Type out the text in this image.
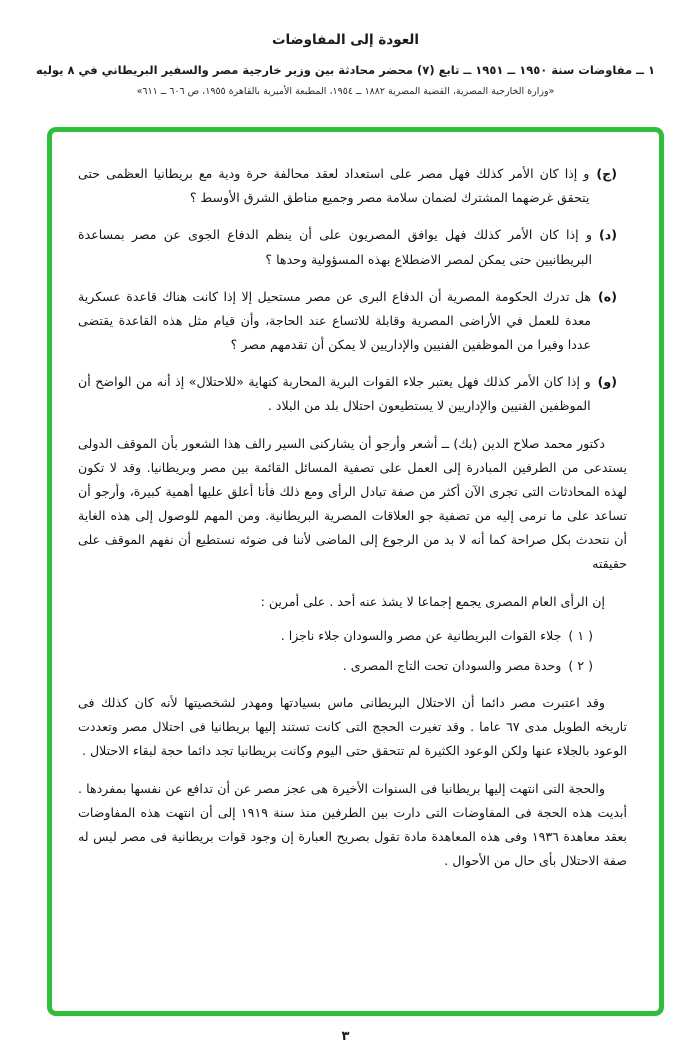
العودة إلى المفاوضات
١ ــ مفاوضات سنة ١٩٥٠ ــ ١٩٥١ ــ تابع (٧) محضر محادثة بين وزير خارجية مصر والسفير البريطاني في ٨ يوليه
«وزارة الخارجية المصرية، القضية المصرية ١٨٨٢ ــ ١٩٥٤، المطبعة الأميرية بالقاهرة ١٩٥٥، ص ٦٠٦ ــ ٦١١»
(ج)
و إذا كان الأمر كذلك فهل مصر على استعداد لعقد محالفة حرة ودية مع بريطانيا العظمى حتى يتحقق غرضهما المشترك لضمان سلامة مصر وجميع مناطق الشرق الأوسط ؟
(د)
و إذا كان الأمر كذلك فهل يوافق المصريون على أن ينظم الدفاع الجوى عن مصر بمساعدة البريطانيين حتى يمكن لمصر الاضطلاع بهذه المسؤولية وحدها ؟
(ه)
هل تدرك الحكومة المصرية أن الدفاع البرى عن مصر مستحيل إلا إذا كانت هناك قاعدة عسكرية معدة للعمل في الأراضى المصرية وقابلة للاتساع عند الحاجة، وأن قيام مثل هذه القاعدة يقتضى عددا وفيرا من الموظفين الفنيين والإداريين لا يمكن أن تقدمهم مصر ؟
(و)
و إذا كان الأمر كذلك فهل يعتبر جلاء القوات البرية المحاربة كنهاية «للاحتلال» إذ أنه من الواضح أن الموظفين الفنيين والإداريين لا يستطيعون احتلال بلد من البلاد .
دكتور محمد صلاح الدين (بك) ــ أشعر وأرجو أن يشاركنى السير رالف هذا الشعور بأن الموقف الدولى يستدعى من الطرفين المبادرة إلى العمل على تصفية المسائل القائمة بين مصر وبريطانيا. وقد لا تكون لهذه المحادثات التى تجرى الآن أكثر من صفة تبادل الرأى ومع ذلك فأنا أعلق عليها أهمية كبيرة، وأرجو أن تساعد على ما نرمى إليه من تصفية جو العلاقات المصرية البريطانية. ومن المهم للوصول إلى هذه الغاية أن نتحدث بكل صراحة كما أنه لا بد من الرجوع إلى الماضى لأننا فى ضوئه نستطيع أن نفهم الموقف على حقيقته
إن الرأى العام المصرى يجمع إجماعا لا يشذ عنه أحد . على أمرين :
( ١ )
جلاء القوات البريطانية عن مصر والسودان جلاء ناجزا .
( ٢ )
وحدة مصر والسودان تحت التاج المصرى .
وقد اعتبرت مصر دائما أن الاحتلال البريطانى ماس بسيادتها ومهدر لشخصيتها لأنه كان كذلك فى تاريخه الطويل مدى ٦٧ عاما . وقد تغيرت الحجج التى كانت تستند إليها بريطانيا فى احتلال مصر وتعددت الوعود بالجلاء عنها ولكن الوعود الكثيرة لم تتحقق حتى اليوم وكانت بريطانيا تجد دائما حجة لبقاء الاحتلال .
والحجة التى انتهت إليها بريطانيا فى السنوات الأخيرة هى عجز مصر عن أن تدافع عن نفسها بمفردها . أبديت هذه الحجة فى المفاوضات التى دارت بين الطرفين منذ سنة ١٩١٩ إلى أن انتهت هذه المفاوضات بعقد معاهدة ١٩٣٦ وفى هذه المعاهدة مادة تقول بصريح العبارة إن وجود قوات بريطانية فى مصر ليس له صفة الاحتلال بأى حال من الأحوال .
٣
